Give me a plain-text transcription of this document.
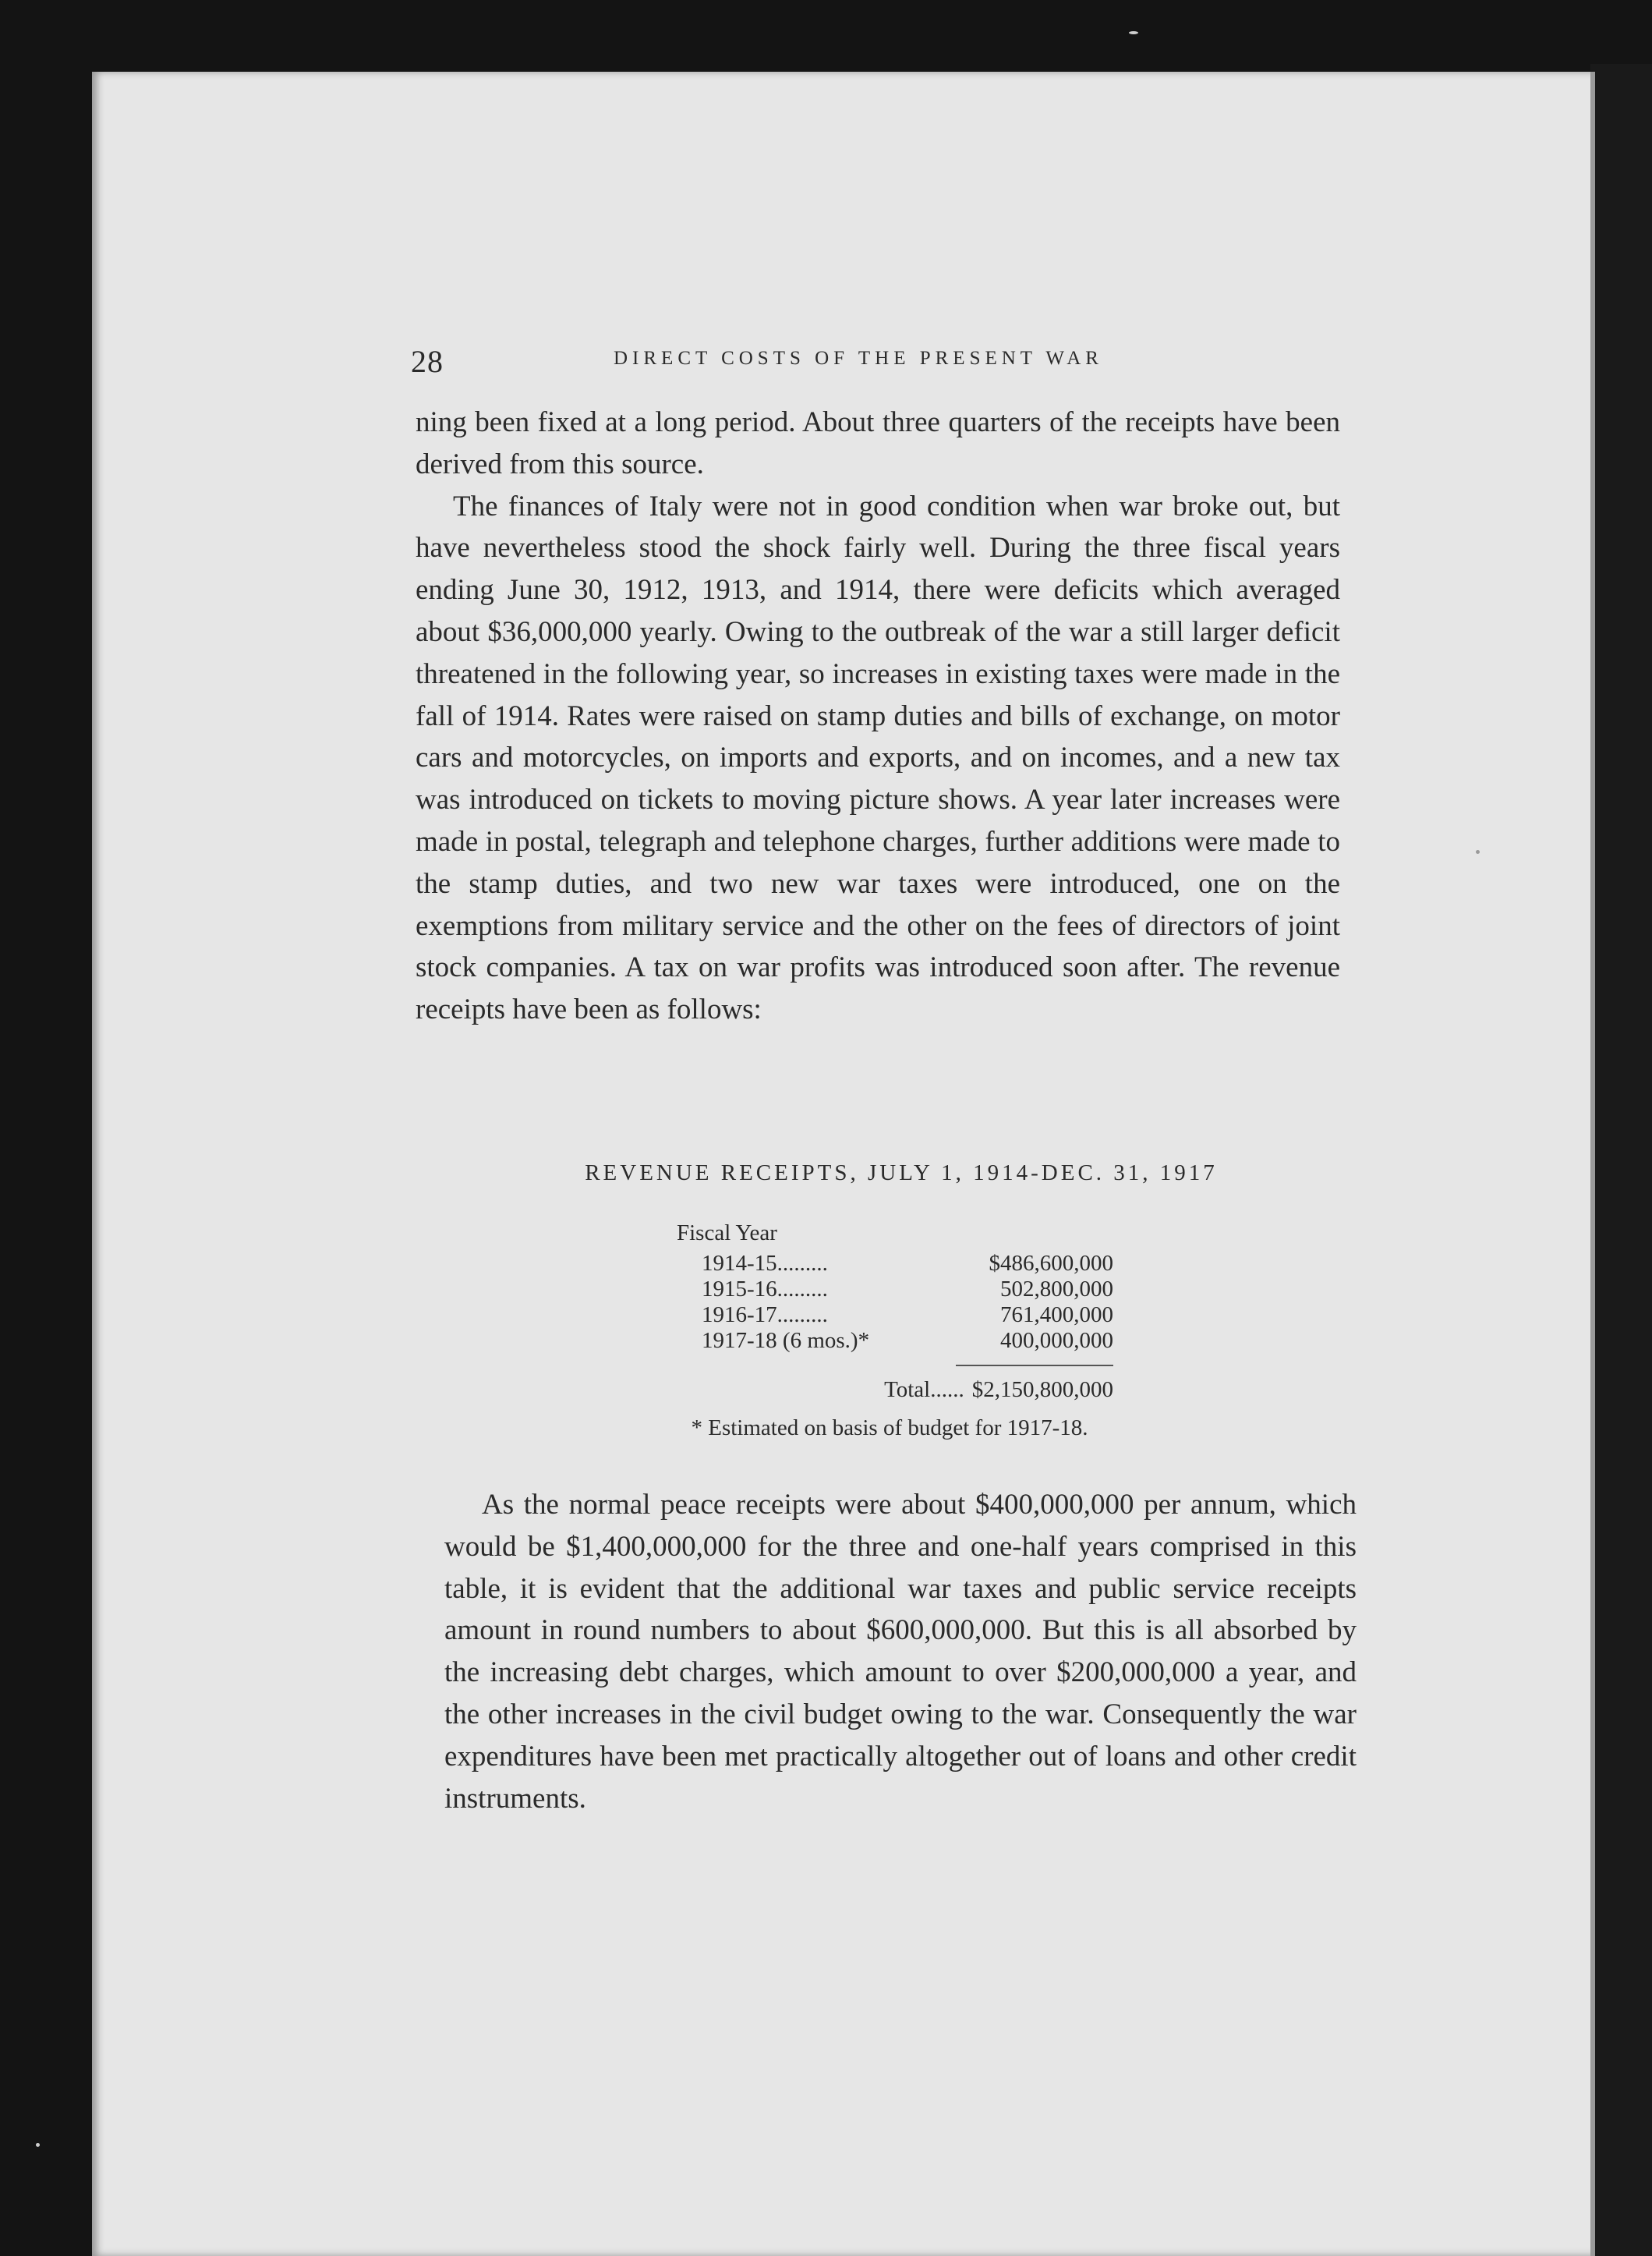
28	DIRECT COSTS OF THE PRESENT WAR

ning been fixed at a long period. About three quarters of the receipts have been derived from this source.

The finances of Italy were not in good condition when war broke out, but have nevertheless stood the shock fairly well. During the three fiscal years ending June 30, 1912, 1913, and 1914, there were deficits which averaged about $36,000,000 yearly. Owing to the outbreak of the war a still larger deficit threatened in the following year, so increases in existing taxes were made in the fall of 1914. Rates were raised on stamp duties and bills of exchange, on motor cars and motorcycles, on imports and exports, and on incomes, and a new tax was introduced on tickets to moving picture shows. A year later increases were made in postal, telegraph and telephone charges, further additions were made to the stamp duties, and two new war taxes were introduced, one on the exemptions from military service and the other on the fees of directors of joint stock companies. A tax on war profits was introduced soon after. The revenue receipts have been as follows:

REVENUE RECEIPTS, JULY 1, 1914-DEC. 31, 1917
Fiscal Year
1914-15.........	$486,600,000
1915-16.........	502,800,000
1916-17.........	761,400,000
1917-18 (6 mos.)*	400,000,000
Total...... $2,150,800,000
* Estimated on basis of budget for 1917-18.

As the normal peace receipts were about $400,000,000 per annum, which would be $1,400,000,000 for the three and one-half years comprised in this table, it is evident that the additional war taxes and public service receipts amount in round numbers to about $600,000,000. But this is all absorbed by the increasing debt charges, which amount to over $200,000,000 a year, and the other increases in the civil budget owing to the war. Consequently the war expenditures have been met practically altogether out of loans and other credit instruments.
